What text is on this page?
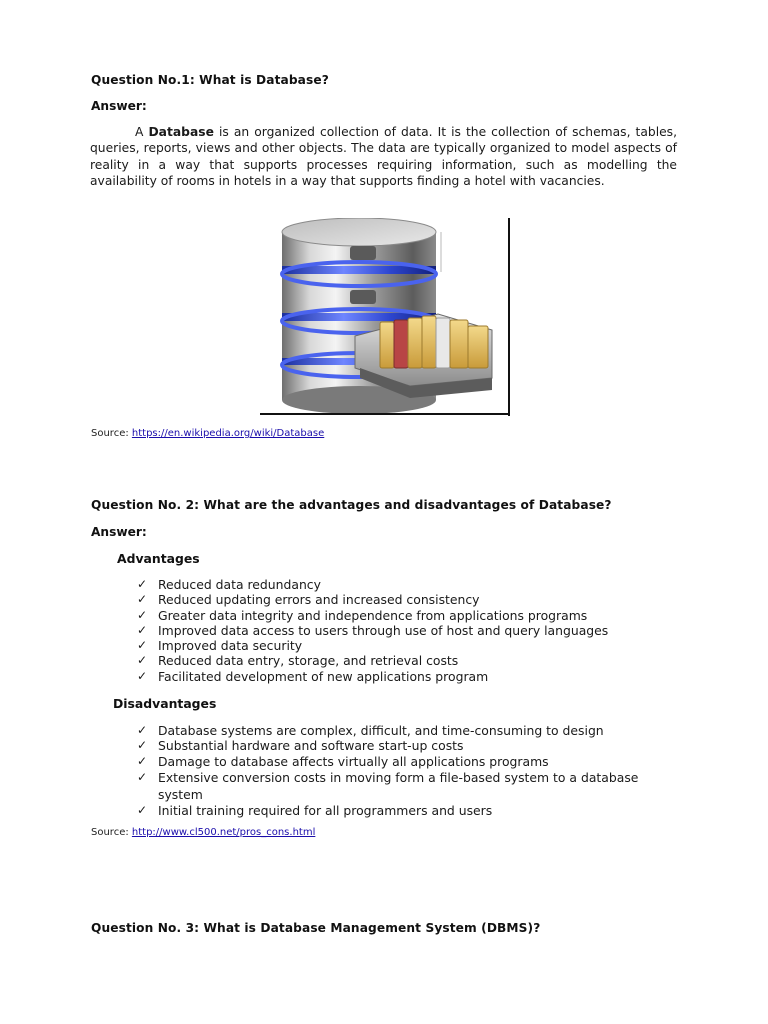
Question No.1: What is Database?
Answer:
A Database is an organized collection of data. It is the collection of schemas, tables, queries, reports, views and other objects. The data are typically organized to model aspects of reality in a way that supports processes requiring information, such as modelling the availability of rooms in hotels in a way that supports finding a hotel with vacancies.
Source: https://en.wikipedia.org/wiki/Database
Question No. 2: What are the advantages and disadvantages of Database?
Answer:
Advantages
✓ Reduced data redundancy
✓ Reduced updating errors and increased consistency
✓ Greater data integrity and independence from applications programs
✓ Improved data access to users through use of host and query languages
✓ Improved data security
✓ Reduced data entry, storage, and retrieval costs
✓ Facilitated development of new applications program
Disadvantages
✓ Database systems are complex, difficult, and time-consuming to design
✓ Substantial hardware and software start-up costs
✓ Damage to database affects virtually all applications programs
✓ Extensive conversion costs in moving form a file-based system to a database system
✓ Initial training required for all programmers and users
Source: http://www.cl500.net/pros_cons.html
Question No. 3: What is Database Management System (DBMS)?
